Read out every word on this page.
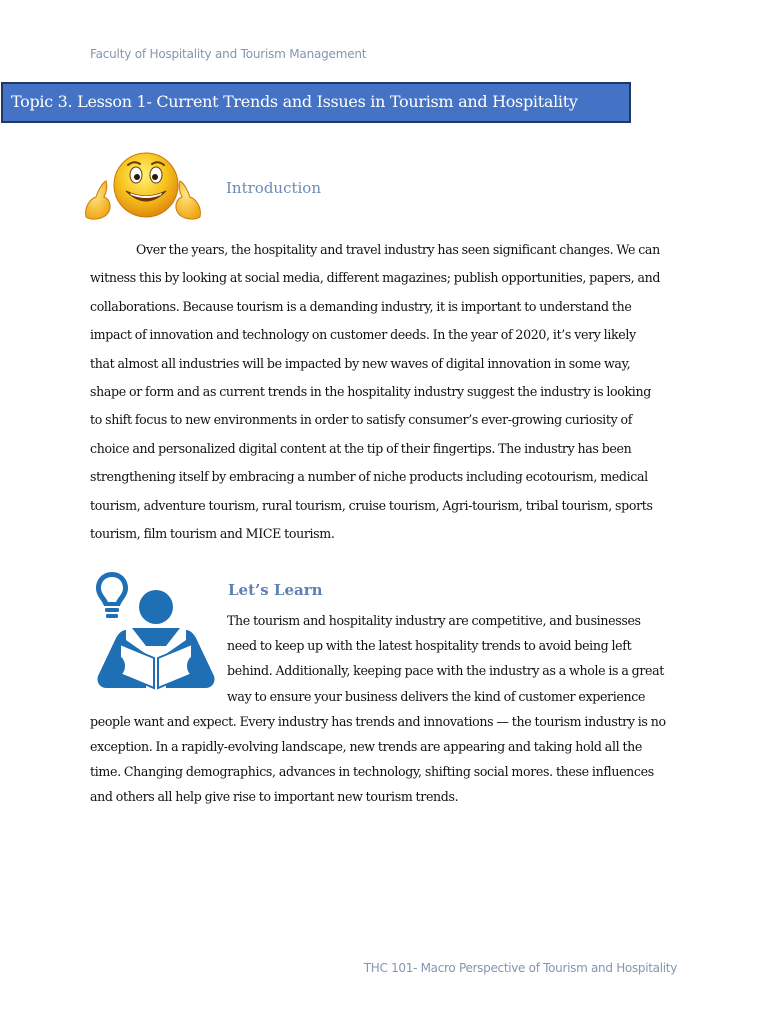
Faculty of Hospitality and Tourism Management
Topic 3. Lesson 1- Current Trends and Issues in Tourism and Hospitality
Introduction

Over the years, the hospitality and travel industry has seen significant changes. We can witness this by looking at social media, different magazines; publish opportunities, papers, and collaborations. Because tourism is a demanding industry, it is important to understand the impact of innovation and technology on customer deeds. In the year of 2020, it’s very likely that almost all industries will be impacted by new waves of digital innovation in some way, shape or form and as current trends in the hospitality industry suggest the industry is looking to shift focus to new environments in order to satisfy consumer’s ever-growing curiosity of choice and personalized digital content at the tip of their fingertips. The industry has been strengthening itself by embracing a number of niche products including ecotourism, medical tourism, adventure tourism, rural tourism, cruise tourism, Agri-tourism, tribal tourism, sports tourism, film tourism and MICE tourism.

Let’s Learn
The tourism and hospitality industry are competitive, and businesses need to keep up with the latest hospitality trends to avoid being left behind. Additionally, keeping pace with the industry as a whole is a great way to ensure your business delivers the kind of customer experience people want and expect. Every industry has trends and innovations — the tourism industry is no exception. In a rapidly-evolving landscape, new trends are appearing and taking hold all the time. Changing demographics, advances in technology, shifting social mores. these influences and others all help give rise to important new tourism trends.
THC 101- Macro Perspective of Tourism and Hospitality
